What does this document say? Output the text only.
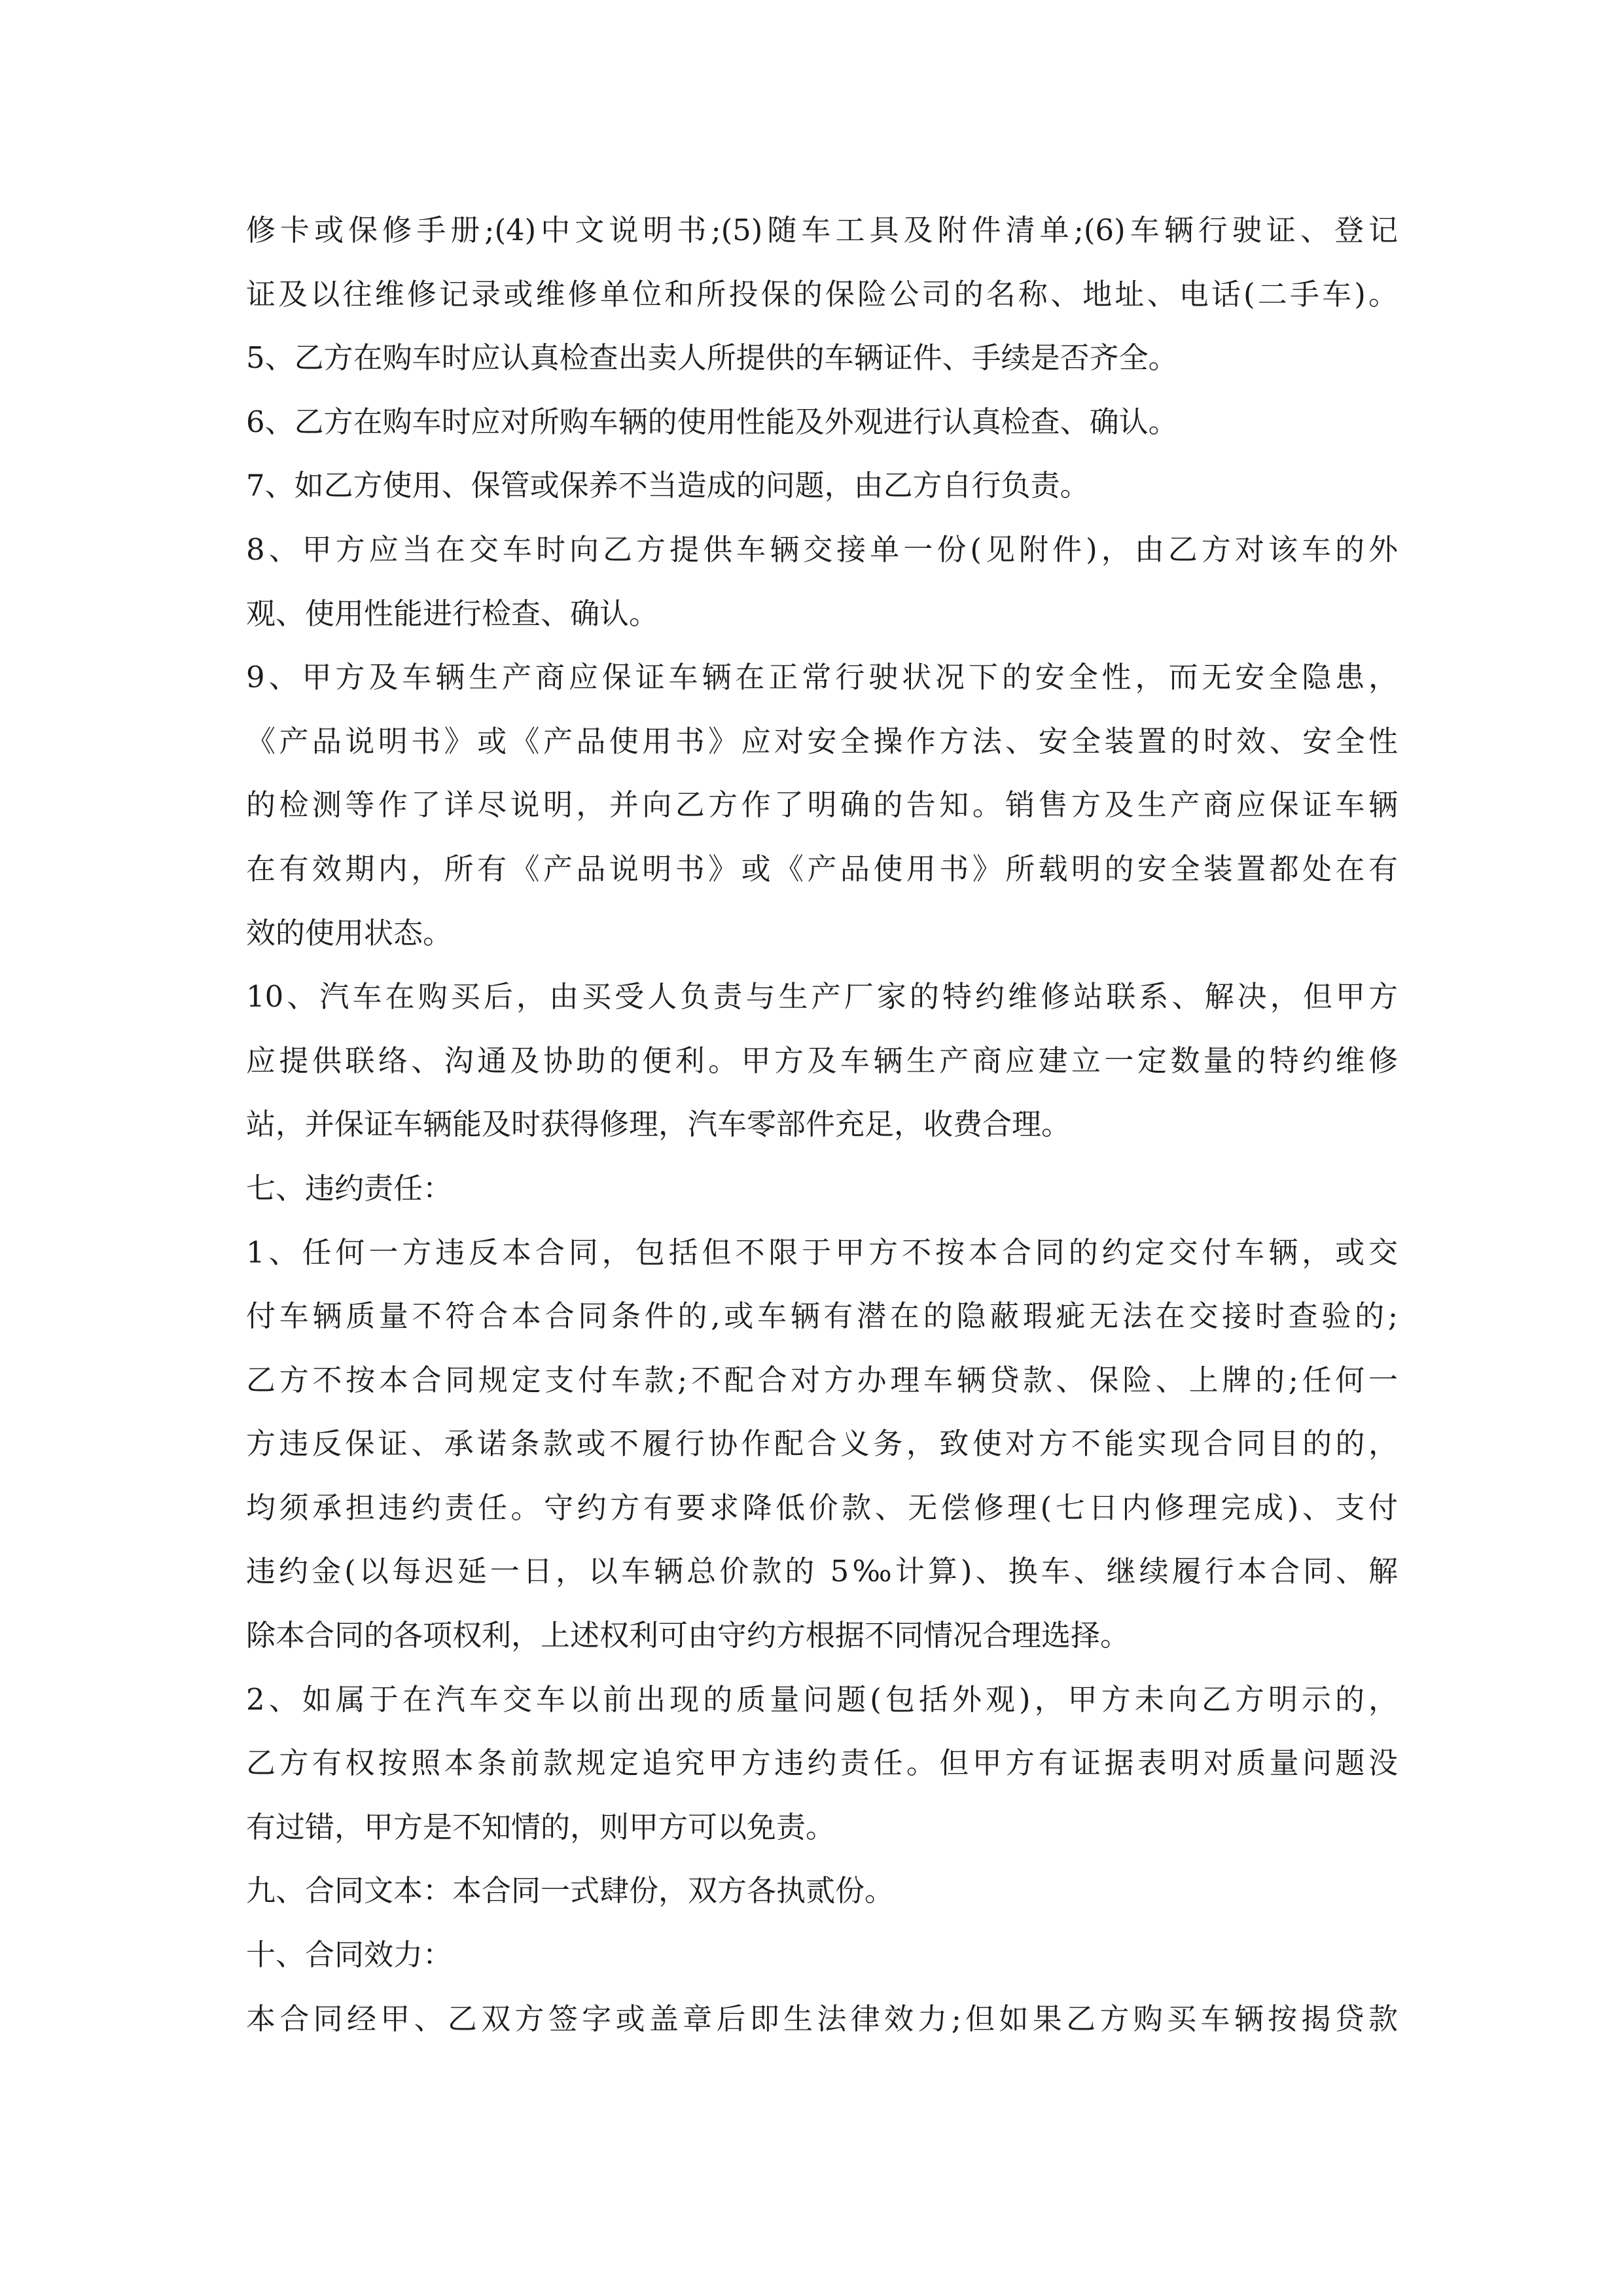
修卡或保修手册;(4)中文说明书;(5)随车工具及附件清单;(6)车辆行驶证、登记
证及以往维修记录或维修单位和所投保的保险公司的名称、地址、电话(二手车)。
5、乙方在购车时应认真检查出卖人所提供的车辆证件、手续是否齐全。
6、乙方在购车时应对所购车辆的使用性能及外观进行认真检查、确认。
7、如乙方使用、保管或保养不当造成的问题，由乙方自行负责。
8、甲方应当在交车时向乙方提供车辆交接单一份(见附件)，由乙方对该车的外
观、使用性能进行检查、确认。
9、甲方及车辆生产商应保证车辆在正常行驶状况下的安全性，而无安全隐患，
《产品说明书》或《产品使用书》应对安全操作方法、安全装置的时效、安全性
的检测等作了详尽说明，并向乙方作了明确的告知。销售方及生产商应保证车辆
在有效期内，所有《产品说明书》或《产品使用书》所载明的安全装置都处在有
效的使用状态。
10、汽车在购买后，由买受人负责与生产厂家的特约维修站联系、解决，但甲方
应提供联络、沟通及协助的便利。甲方及车辆生产商应建立一定数量的特约维修
站，并保证车辆能及时获得修理，汽车零部件充足，收费合理。
七、违约责任：
1、任何一方违反本合同，包括但不限于甲方不按本合同的约定交付车辆，或交
付车辆质量不符合本合同条件的,或车辆有潜在的隐蔽瑕疵无法在交接时查验的;
乙方不按本合同规定支付车款;不配合对方办理车辆贷款、保险、上牌的;任何一
方违反保证、承诺条款或不履行协作配合义务，致使对方不能实现合同目的的，
均须承担违约责任。守约方有要求降低价款、无偿修理(七日内修理完成)、支付
违约金(以每迟延一日，以车辆总价款的 5‰计算)、换车、继续履行本合同、解
除本合同的各项权利，上述权利可由守约方根据不同情况合理选择。
2、如属于在汽车交车以前出现的质量问题(包括外观)，甲方未向乙方明示的，
乙方有权按照本条前款规定追究甲方违约责任。但甲方有证据表明对质量问题没
有过错，甲方是不知情的，则甲方可以免责。
九、合同文本：本合同一式肆份，双方各执贰份。
十、合同效力：
本合同经甲、乙双方签字或盖章后即生法律效力;但如果乙方购买车辆按揭贷款
